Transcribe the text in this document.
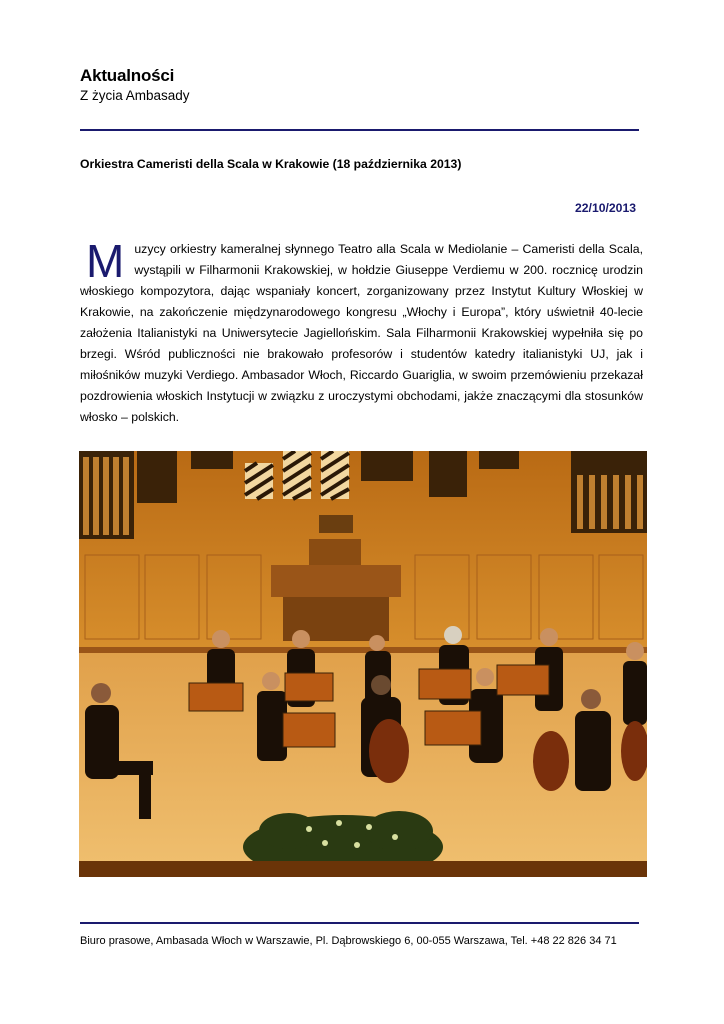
Aktualności
Z życia Ambasady
Orkiestra Cameristi della Scala w Krakowie (18 października 2013)
22/10/2013
Muzycy orkiestry kameralnej słynnego Teatro alla Scala w Mediolanie – Cameristi della Scala, wystąpili w Filharmonii Krakowskiej, w hołdzie Giuseppe Verdiemu w 200. rocznicę urodzin włoskiego kompozytora, dając wspaniały koncert, zorganizowany przez Instytut Kultury Włoskiej w Krakowie, na zakończenie międzynarodowego kongresu „Włochy i Europa”, który uświetnił 40-lecie założenia Italianistyki na Uniwersytecie Jagiellońskim. Sala Filharmonii Krakowskiej wypełniła się po brzegi. Wśród publiczności nie brakowało profesorów i studentów katedry italianistyki UJ, jak i miłośników muzyki Verdiego. Ambasador Włoch, Riccardo Guariglia, w swoim przemówieniu przekazał pozdrowienia włoskich Instytucji w związku z uroczystymi obchodami, jakże znaczącymi dla stosunków włosko – polskich.
Biuro prasowe, Ambasada Włoch w Warszawie, Pl. Dąbrowskiego 6, 00-055 Warszawa, Tel. +48 22 826 34 71
